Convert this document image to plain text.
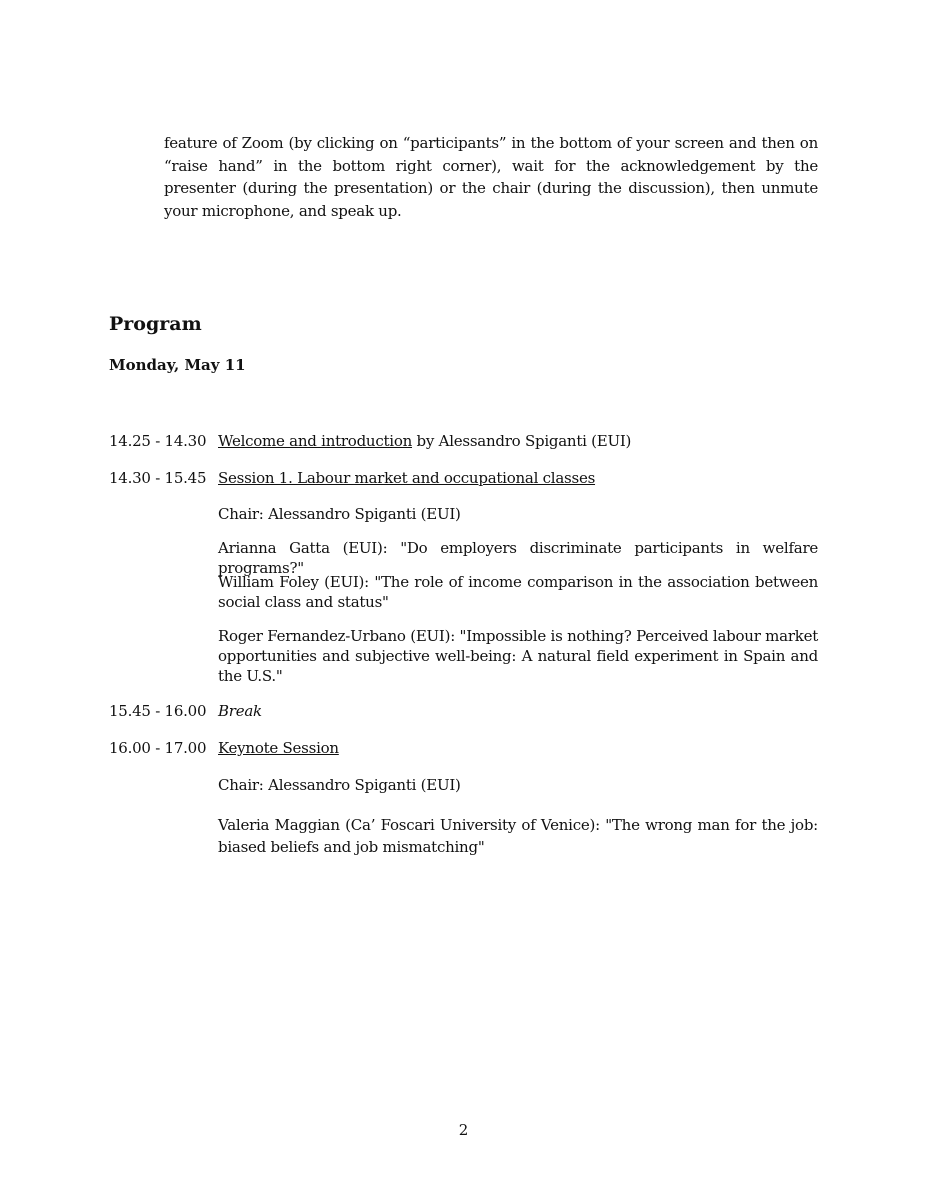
feature of Zoom (by clicking on “participants” in the bottom of your screen and then on “raise hand” in the bottom right corner), wait for the acknowledgement by the presenter (during the presentation) or the chair (during the discussion), then unmute your microphone, and speak up.

Program

Monday, May 11

14.25 - 14.30 Welcome and introduction by Alessandro Spiganti (EUI)
14.30 - 15.45 Session 1. Labour market and occupational classes

Chair: Alessandro Spiganti (EUI)

Arianna Gatta (EUI): "Do employers discriminate participants in welfare programs?"

William Foley (EUI): "The role of income comparison in the association between social class and status"

Roger Fernandez-Urbano (EUI): "Impossible is nothing? Perceived labour market opportunities and subjective well-being: A natural field experiment in Spain and the U.S."

15.45 - 16.00 Break
16.00 - 17.00 Keynote Session

Chair: Alessandro Spiganti (EUI)

Valeria Maggian (Ca’ Foscari University of Venice): "The wrong man for the job: biased beliefs and job mismatching"

2
